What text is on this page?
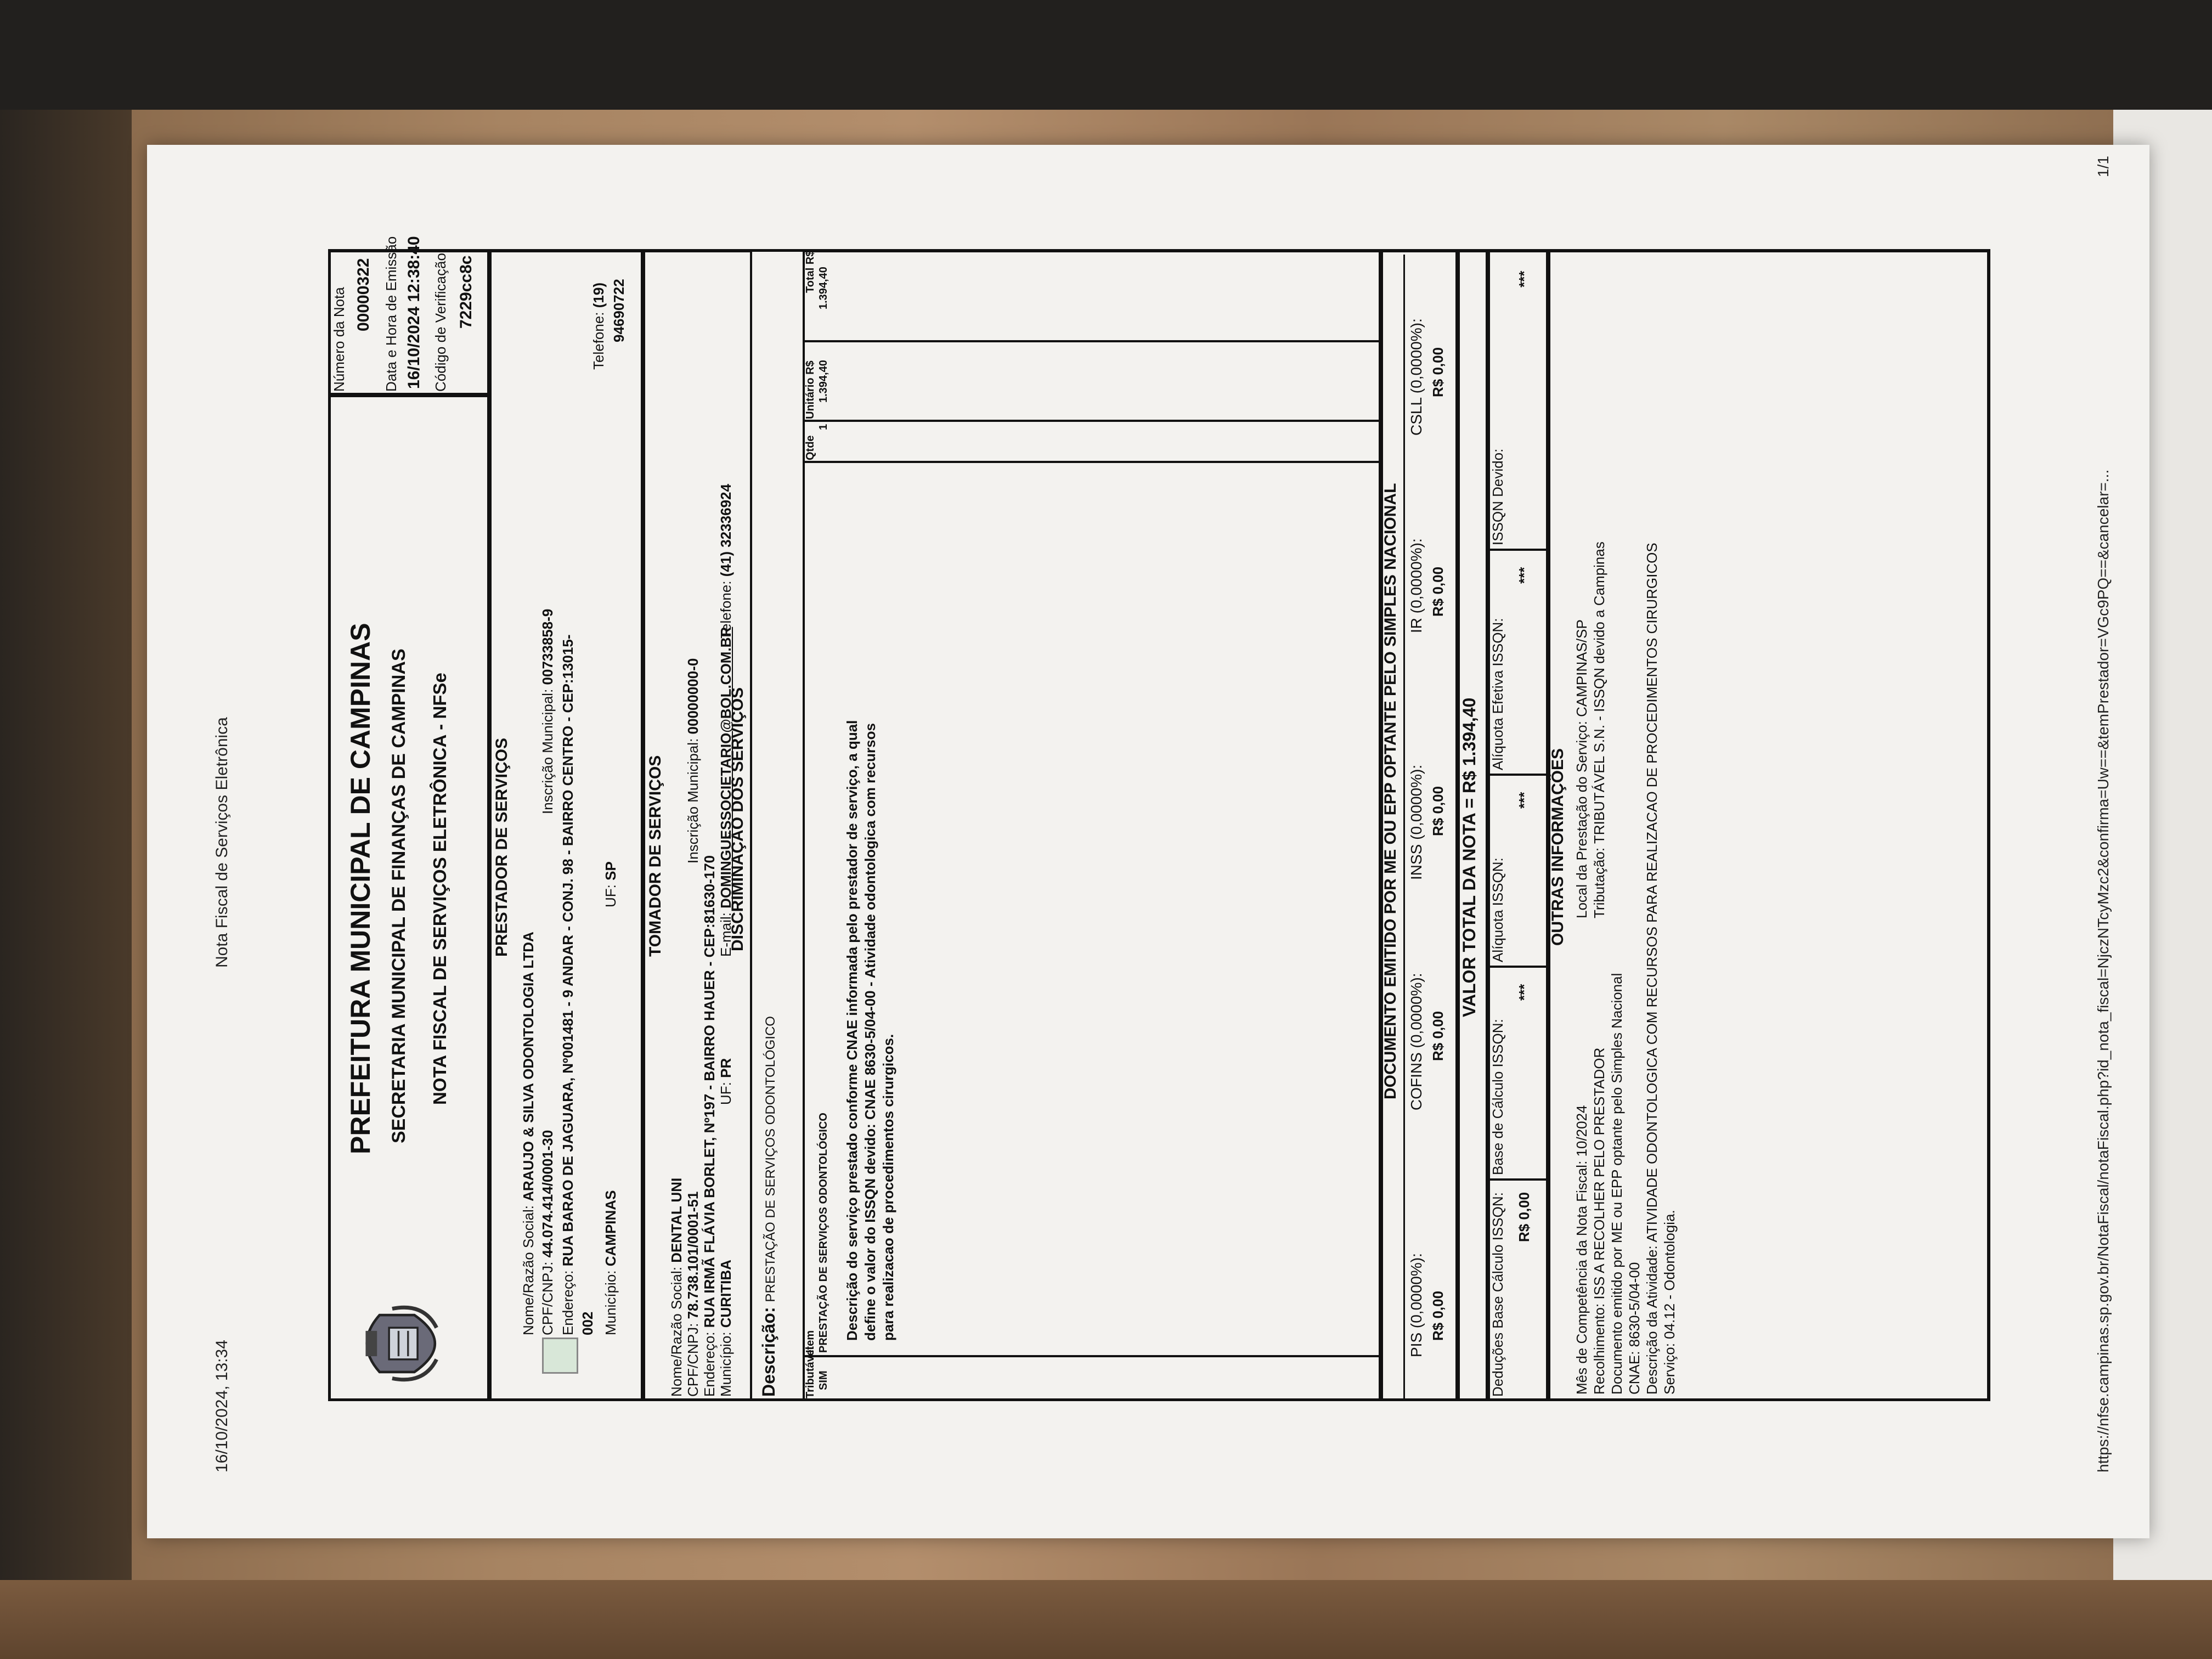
16/10/2024, 13:34
Nota Fiscal de Serviços Eletrônica	PREFEITURA MUNICIPAL DE CAMPINAS SECRETARIA MUNICIPAL DE FINANÇAS DE CAMPINAS NOTA FISCAL DE SERVIÇOS ELETRÔNICA - NFSe
Número da Nota 00000322 Data e Hora de Emissão 16/10/2024 12:38:40 Código de Verificação 7229cc8c
PRESTADOR DE SERVIÇOS
Nome/Razão Social: ARAUJO & SILVA ODONTOLOGIA LTDA
CPF/CNPJ: 44.074.414/0001-30
Inscrição Municipal: 00733858-9
Endereço: RUA BARAO DE JAGUARA, Nº001481 - 9 ANDAR - CONJ. 98 - BAIRRO CENTRO - CEP:13015-
002 Município: CAMPINAS
UF: SP
Telefone: (19) 94690722
TOMADOR DE SERVIÇOS
Nome/Razão Social: DENTAL UNI
CPF/CNPJ: 78.738.101/0001-51
Inscrição Municipal: 00000000-0
Endereço: RUA IRMÃ FLÁVIA BORLET, Nº197 - BAIRRO HAUER - CEP:81630-170
Município: CURITIBA
UF: PR
E-mail: DOMINGUESSOCIETARIO@BOL.COM.BR
Telefone: (41) 32336924
DISCRIMINAÇÃO DOS SERVIÇOS
Descrição: PRESTAÇÃO DE SERVIÇOS ODONTOLÓGICO
Tributável
Item
Qtde
Unitário R$
Total R$
SIM
PRESTAÇÃO DE SERVIÇOS ODONTOLÓGICO
1
1.394,40
1.394,40
Descrição do serviço prestado conforme CNAE informada pelo prestador de serviço, a qual define o valor do ISSQN devido: CNAE 8630-5/04-00 - Atividade odontologica com recursos para realizacao de procedimentos cirurgicos.
DOCUMENTO EMITIDO POR ME OU EPP OPTANTE PELO SIMPLES NACIONAL
PIS (0,0000%): R$ 0,00
COFINS (0,0000%): R$ 0,00
INSS (0,0000%): R$ 0,00
IR (0,0000%): R$ 0,00
CSLL (0,0000%): R$ 0,00
VALOR TOTAL DA NOTA = R$ 1.394,40
Deduções Base Cálculo ISSQN: R$ 0,00
Base de Cálculo ISSQN:
***
Alíquota ISSQN:
***
Alíquota Efetiva ISSQN:
***
ISSQN Devido:
***
OUTRAS INFORMAÇÕES
Mês de Competência da Nota Fiscal: 10/2024 Recolhimento: ISS A RECOLHER PELO PRESTADOR Documento emitido por ME ou EPP optante pelo Simples Nacional CNAE: 8630-5/04-00 Descrição da Atividade: ATIVIDADE ODONTOLOGICA COM RECURSOS PARA REALIZACAO DE PROCEDIMENTOS CIRURGICOS Serviço: 04.12 - Odontologia.
Local da Prestação do Serviço: CAMPINAS/SP Tributação: TRIBUTÁVEL S.N. - ISSQN devido a Campinas	https://nfse.campinas.sp.gov.br/NotaFiscal/notaFiscal.php?id_nota_fiscal=NjczNTcyMzc2&confirma=Uw==&temPrestador=VGc9PQ==&cancelar=...
1/1
